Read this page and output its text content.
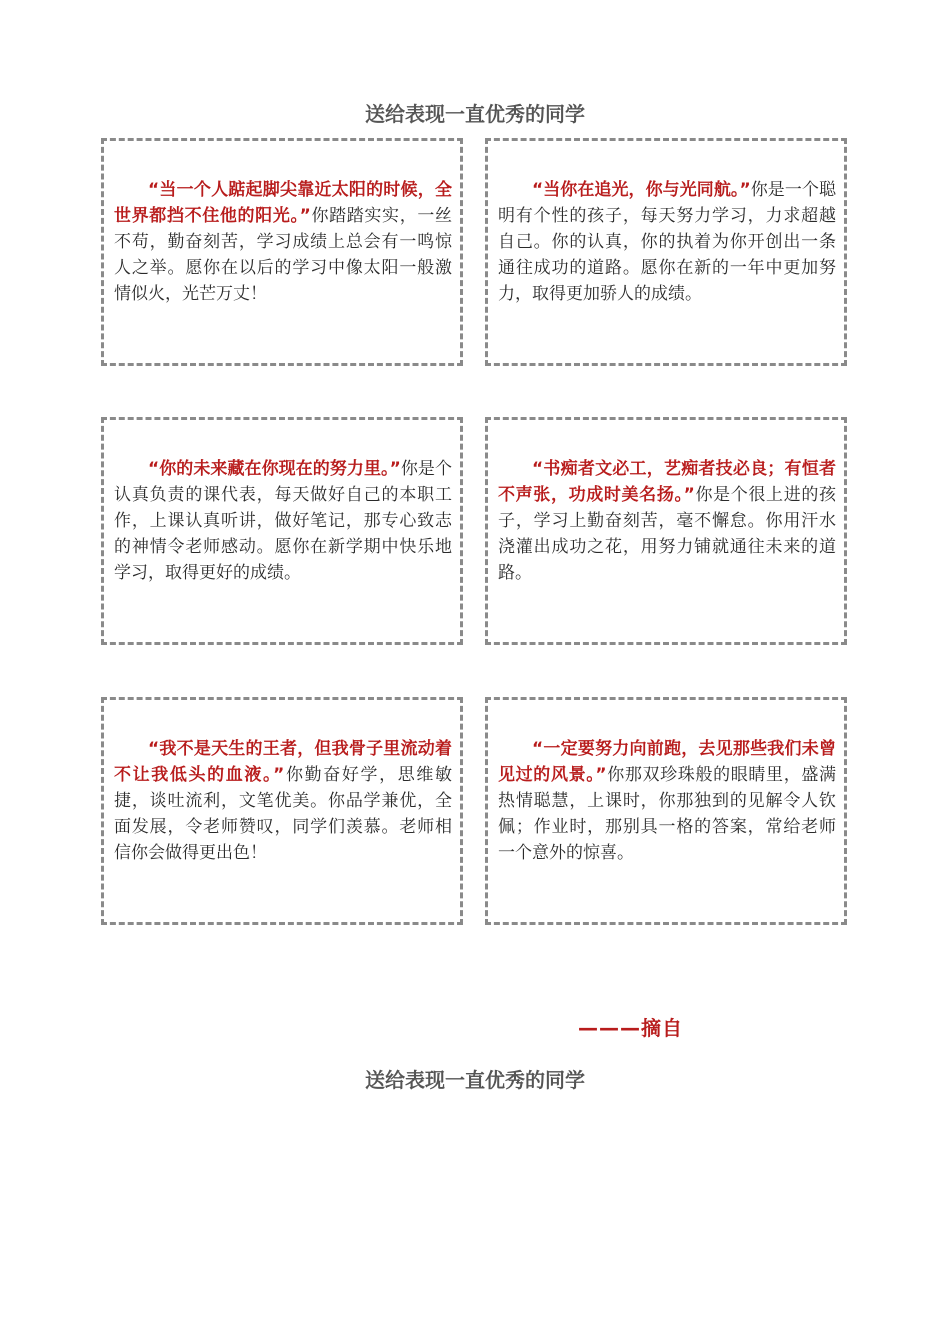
送给表现一直优秀的同学

“当一个人踮起脚尖靠近太阳的时候，全世界都挡不住他的阳光。”你踏踏实实，一丝不苟，勤奋刻苦，学习成绩上总会有一鸣惊人之举。愿你在以后的学习中像太阳一般激情似火，光芒万丈！

“当你在追光，你与光同航。”你是一个聪明有个性的孩子，每天努力学习，力求超越自己。你的认真，你的执着为你开创出一条通往成功的道路。愿你在新的一年中更加努力，取得更加骄人的成绩。

“你的未来藏在你现在的努力里。”你是个认真负责的课代表，每天做好自己的本职工作，上课认真听讲，做好笔记，那专心致志的神情令老师感动。愿你在新学期中快乐地学习，取得更好的成绩。

“书痴者文必工，艺痴者技必良；有恒者不声张，功成时美名扬。”你是个很上进的孩子，学习上勤奋刻苦，毫不懈怠。你用汗水浇灌出成功之花，用努力铺就通往未来的道路。

“我不是天生的王者，但我骨子里流动着不让我低头的血液。”你勤奋好学，思维敏捷，谈吐流利，文笔优美。你品学兼优，全面发展，令老师赞叹，同学们羡慕。老师相信你会做得更出色！

“一定要努力向前跑，去见那些我们未曾见过的风景。”你那双珍珠般的眼睛里，盛满热情聪慧，上课时，你那独到的见解令人钦佩；作业时，那别具一格的答案，常给老师一个意外的惊喜。

———摘自
送给表现一直优秀的同学
